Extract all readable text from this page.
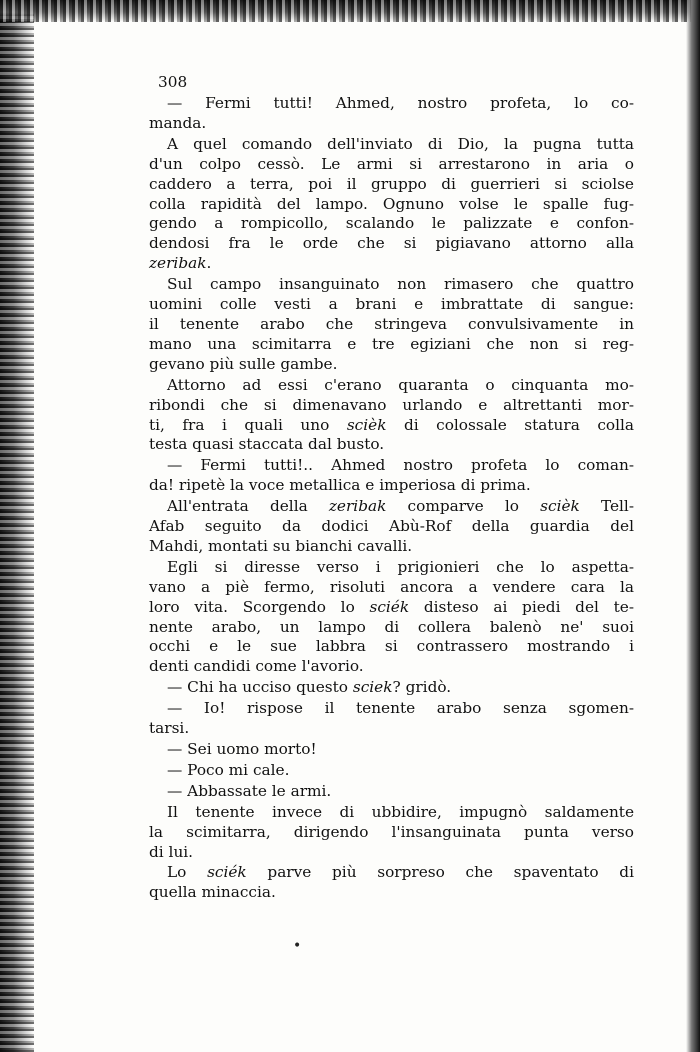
308

— Fermi tutti! Ahmed, nostro profeta, lo co-
manda.

A quel comando dell'inviato di Dio, la pugna tutta
d'un colpo cessò. Le armi si arrestarono in aria o
caddero a terra, poi il gruppo di guerrieri si sciolse
colla rapidità del lampo. Ognuno volse le spalle fug-
gendo a rompicollo, scalando le palizzate e confon-
dendosi fra le orde che si pigiavano attorno alla
zeribak.

Sul campo insanguinato non rimasero che quattro
uomini colle vesti a brani e imbrattate di sangue:
il tenente arabo che stringeva convulsivamente in
mano una scimitarra e tre egiziani che non si reg-
gevano più sulle gambe.

Attorno ad essi c'erano quaranta o cinquanta mo-
ribondi che si dimenavano urlando e altrettanti mor-
ti, fra i quali uno scièk di colossale statura colla
testa quasi staccata dal busto.

— Fermi tutti!.. Ahmed nostro profeta lo coman-
da! ripetè la voce metallica e imperiosa di prima.

All'entrata della zeribak comparve lo scièk Tell-
Afab seguito da dodici Abù-Rof della guardia del
Mahdi, montati su bianchi cavalli.

Egli si diresse verso i prigionieri che lo aspetta-
vano a piè fermo, risoluti ancora a vendere cara la
loro vita. Scorgendo lo sciék disteso ai piedi del te-
nente arabo, un lampo di collera balenò ne' suoi
occhi e le sue labbra si contrassero mostrando i
denti candidi come l'avorio.

— Chi ha ucciso questo sciek? gridò.

— Io! rispose il tenente arabo senza sgomen-
tarsi.

— Sei uomo morto!

— Poco mi cale.

— Abbassate le armi.

Il tenente invece di ubbidire, impugnò saldamente
la scimitarra, dirigendo l'insanguinata punta verso
di lui.

Lo sciék parve più sorpreso che spaventato di
quella minaccia.

•
